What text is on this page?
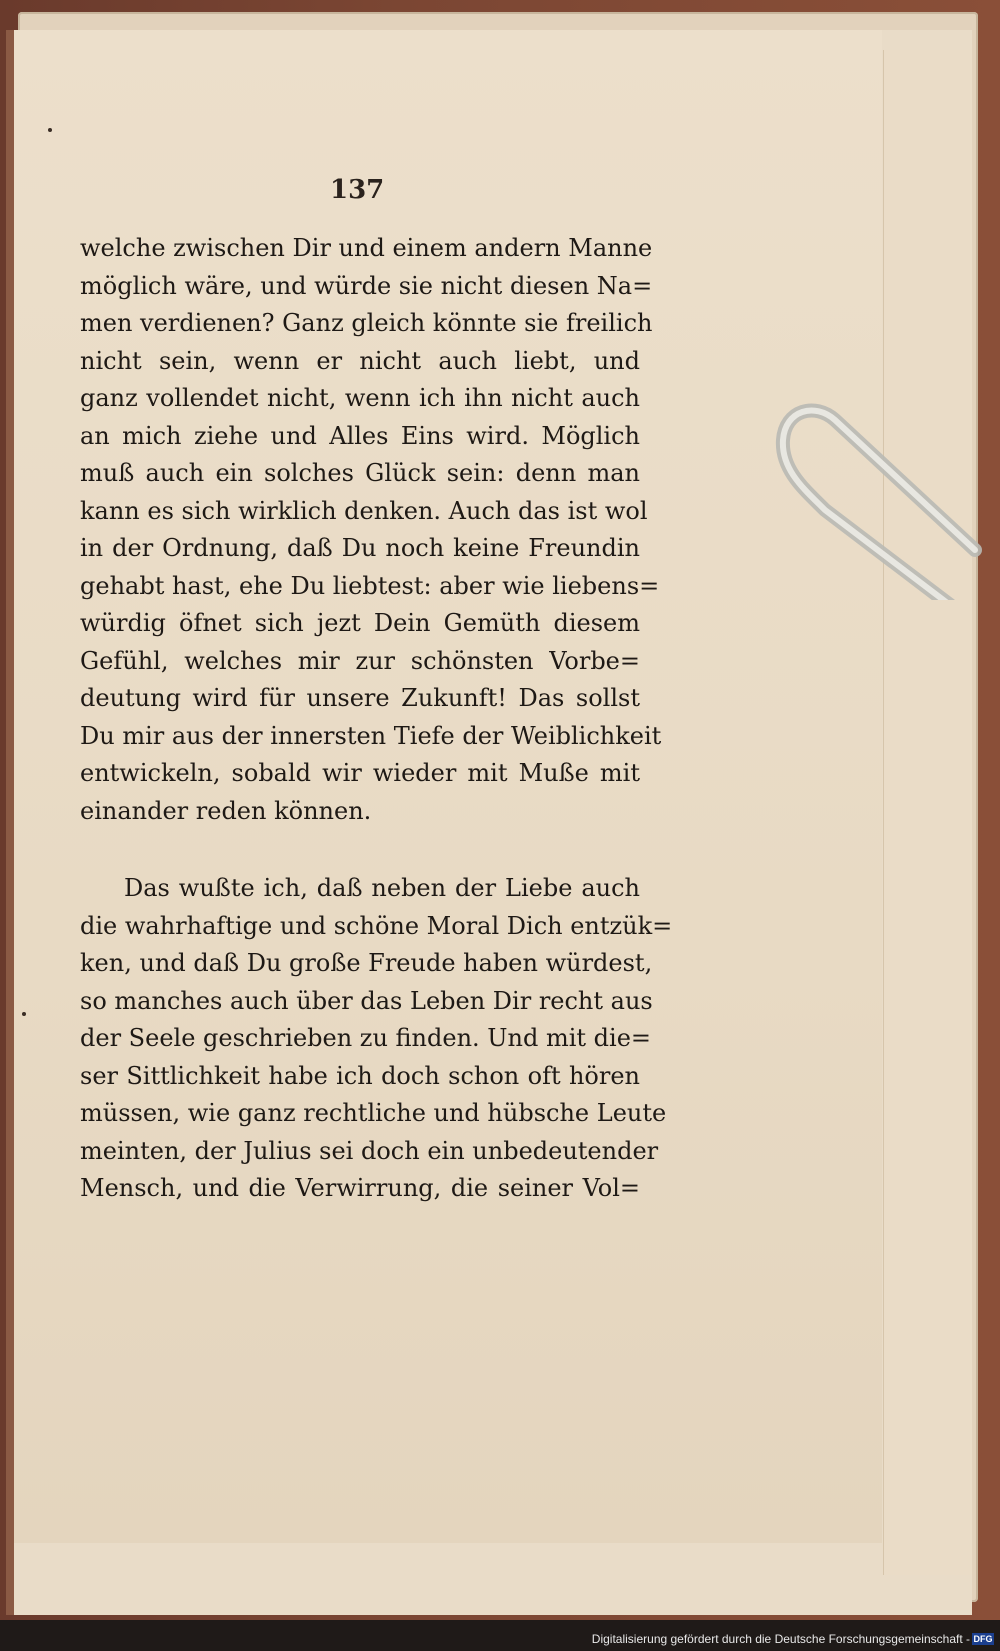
137

welche zwischen Dir und einem andern Manne
möglich wäre, und würde sie nicht diesen Na=
men verdienen? Ganz gleich könnte sie freilich
nicht sein, wenn er nicht auch liebt, und
ganz vollendet nicht, wenn ich ihn nicht auch
an mich ziehe und Alles Eins wird. Möglich
muß auch ein solches Glück sein: denn man
kann es sich wirklich denken. Auch das ist wol
in der Ordnung, daß Du noch keine Freundin
gehabt hast, ehe Du liebtest: aber wie liebens=
würdig öfnet sich jezt Dein Gemüth diesem
Gefühl, welches mir zur schönsten Vorbe=
deutung wird für unsere Zukunft! Das sollst
Du mir aus der innersten Tiefe der Weiblichkeit
entwickeln, sobald wir wieder mit Muße mit
einander reden können.

Das wußte ich, daß neben der Liebe auch
die wahrhaftige und schöne Moral Dich entzük=
ken, und daß Du große Freude haben würdest,
so manches auch über das Leben Dir recht aus
der Seele geschrieben zu finden. Und mit die=
ser Sittlichkeit habe ich doch schon oft hören
müssen, wie ganz rechtliche und hübsche Leute
meinten, der Julius sei doch ein unbedeutender
Mensch, und die Verwirrung, die seiner Vol=

Digitalisierung gefördert durch die Deutsche Forschungsgemeinschaft - DFG
